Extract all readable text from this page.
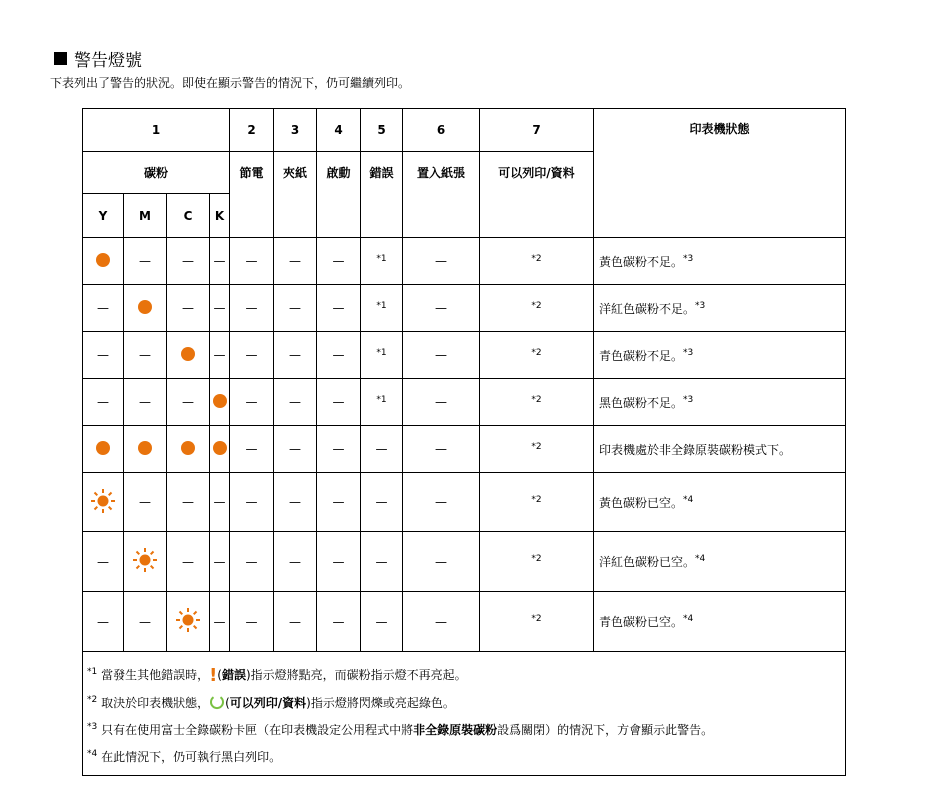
警告燈號
下表列出了警告的狀況。即使在顯示警告的情況下，仍可繼續列印。
1				2	3	4	5	6	7	印表機狀態
碳粉				節電	夾紙	啟動	錯誤	置入紙張	可以列印/資料	
Y	M	C	K							
	—	—	—	—	—	—	$^{*1}$	—	$^{*2}$	黃色碳粉不足。$^{*3}$
—		—	—	—	—	—	$^{*1}$	—	$^{*2}$	洋紅色碳粉不足。$^{*3}$
—	—		—	—	—	—	$^{*1}$	—	$^{*2}$	青色碳粉不足。$^{*3}$
—	—	—		—	—	—	$^{*1}$	—	$^{*2}$	黑色碳粉不足。$^{*3}$
				—	—	—	—	—	$^{*2}$	印表機處於非全錄原裝碳粉模式下。
	—	—	—	—	—	—	—	—	$^{*2}$	黃色碳粉已空。$^{*4}$
—		—	—	—	—	—	—	—	$^{*2}$	洋紅色碳粉已空。$^{*4}$
—	—		—	—	—	—	—	—	$^{*2}$	青色碳粉已空。$^{*4}$

$^{*1}$ 當發生其他錯誤時，!(錯誤)指示燈將點亮，而碳粉指示燈不再亮起。
$^{*2}$ 取決於印表機狀態， (可以列印/資料)指示燈將閃爍或亮起綠色。
$^{*3}$ 只有在使用富士全錄碳粉卡匣（在印表機設定公用程式中將非全錄原裝碳粉設爲關閉）的情況下，方會顯示此警告。
$^{*4}$ 在此情況下，仍可執行黑白列印。										
